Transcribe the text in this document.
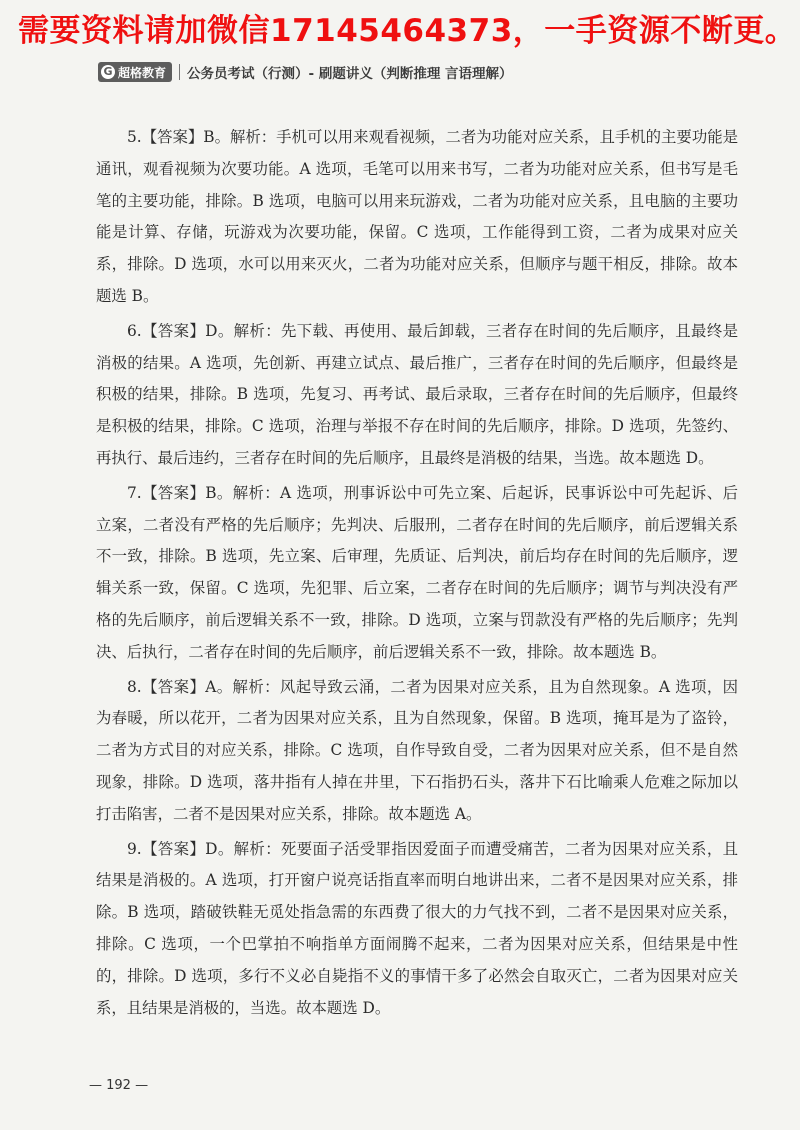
需要资料请加微信17145464373，一手资源不断更。
G 超格教育 公务员考试（行测）- 刷题讲义（判断推理 言语理解）

5.【答案】B。解析：手机可以用来观看视频，二者为功能对应关系，且手机的主要功能是通讯，观看视频为次要功能。A 选项，毛笔可以用来书写，二者为功能对应关系，但书写是毛笔的主要功能，排除。B 选项，电脑可以用来玩游戏，二者为功能对应关系，且电脑的主要功能是计算、存储，玩游戏为次要功能，保留。C 选项，工作能得到工资，二者为成果对应关系，排除。D 选项，水可以用来灭火，二者为功能对应关系，但顺序与题干相反，排除。故本题选 B。

6.【答案】D。解析：先下载、再使用、最后卸载，三者存在时间的先后顺序，且最终是消极的结果。A 选项，先创新、再建立试点、最后推广，三者存在时间的先后顺序，但最终是积极的结果，排除。B 选项，先复习、再考试、最后录取，三者存在时间的先后顺序，但最终是积极的结果，排除。C 选项，治理与举报不存在时间的先后顺序，排除。D 选项，先签约、再执行、最后违约，三者存在时间的先后顺序，且最终是消极的结果，当选。故本题选 D。

7.【答案】B。解析：A 选项，刑事诉讼中可先立案、后起诉，民事诉讼中可先起诉、后立案，二者没有严格的先后顺序；先判决、后服刑，二者存在时间的先后顺序，前后逻辑关系不一致，排除。B 选项，先立案、后审理，先质证、后判决，前后均存在时间的先后顺序，逻辑关系一致，保留。C 选项，先犯罪、后立案，二者存在时间的先后顺序；调节与判决没有严格的先后顺序，前后逻辑关系不一致，排除。D 选项，立案与罚款没有严格的先后顺序；先判决、后执行，二者存在时间的先后顺序，前后逻辑关系不一致，排除。故本题选 B。

8.【答案】A。解析：风起导致云涌，二者为因果对应关系，且为自然现象。A 选项，因为春暖，所以花开，二者为因果对应关系，且为自然现象，保留。B 选项，掩耳是为了盗铃，二者为方式目的对应关系，排除。C 选项，自作导致自受，二者为因果对应关系，但不是自然现象，排除。D 选项，落井指有人掉在井里，下石指扔石头，落井下石比喻乘人危难之际加以打击陷害，二者不是因果对应关系，排除。故本题选 A。

9.【答案】D。解析：死要面子活受罪指因爱面子而遭受痛苦，二者为因果对应关系，且结果是消极的。A 选项，打开窗户说亮话指直率而明白地讲出来，二者不是因果对应关系，排除。B 选项，踏破铁鞋无觅处指急需的东西费了很大的力气找不到，二者不是因果对应关系，排除。C 选项，一个巴掌拍不响指单方面闹腾不起来，二者为因果对应关系，但结果是中性的，排除。D 选项，多行不义必自毙指不义的事情干多了必然会自取灭亡，二者为因果对应关系，且结果是消极的，当选。故本题选 D。

— 192 —
